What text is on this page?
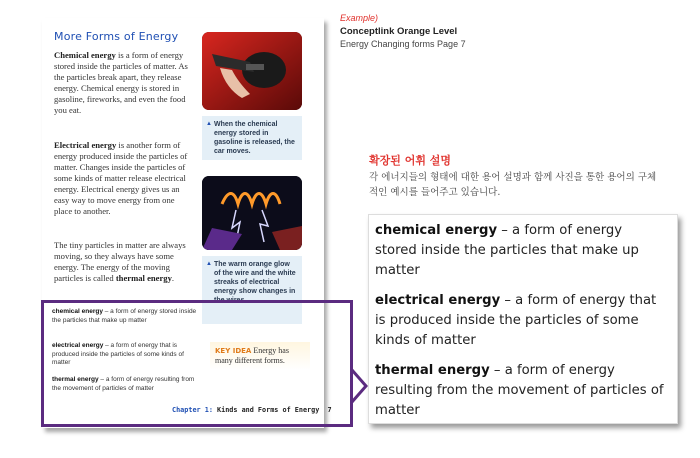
More Forms of Energy
Chemical energy is a form of energy stored inside the particles of matter. As the particles break apart, they release energy. Chemical energy is stored in gasoline, fireworks, and even the food you eat.
Electrical energy is another form of energy produced inside the particles of matter. Changes inside the particles of some kinds of matter release electrical energy. Electrical energy gives us an easy way to move energy from one place to another.
The tiny particles in matter are always moving, so they always have some energy. The energy of the moving particles is called thermal energy.
▲ When the chemical energy stored in gasoline is released, the car moves.
▲ The warm orange glow of the wire and the white streaks of electrical energy show changes in the wires.
chemical energy – a form of energy stored inside the particles that make up matter
electrical energy – a form of energy that is produced inside the particles of some kinds of matter
thermal energy – a form of energy resulting from the movement of particles of matter
KEY IDEA Energy has many different forms.
Chapter 1: Kinds and Forms of Energy 7
Example)
Conceptlink Orange Level
Energy Changing forms Page 7
확장된 어휘 설명
각 에너지들의 형태에 대한 용어 설명과 함께 사진을 통한 용어의 구체적인 예시를 들어주고 있습니다.
chemical energy – a form of energy stored inside the particles that make up matter
electrical energy – a form of energy that is produced inside the particles of some kinds of matter
thermal energy – a form of energy resulting from the movement of particles of matter
